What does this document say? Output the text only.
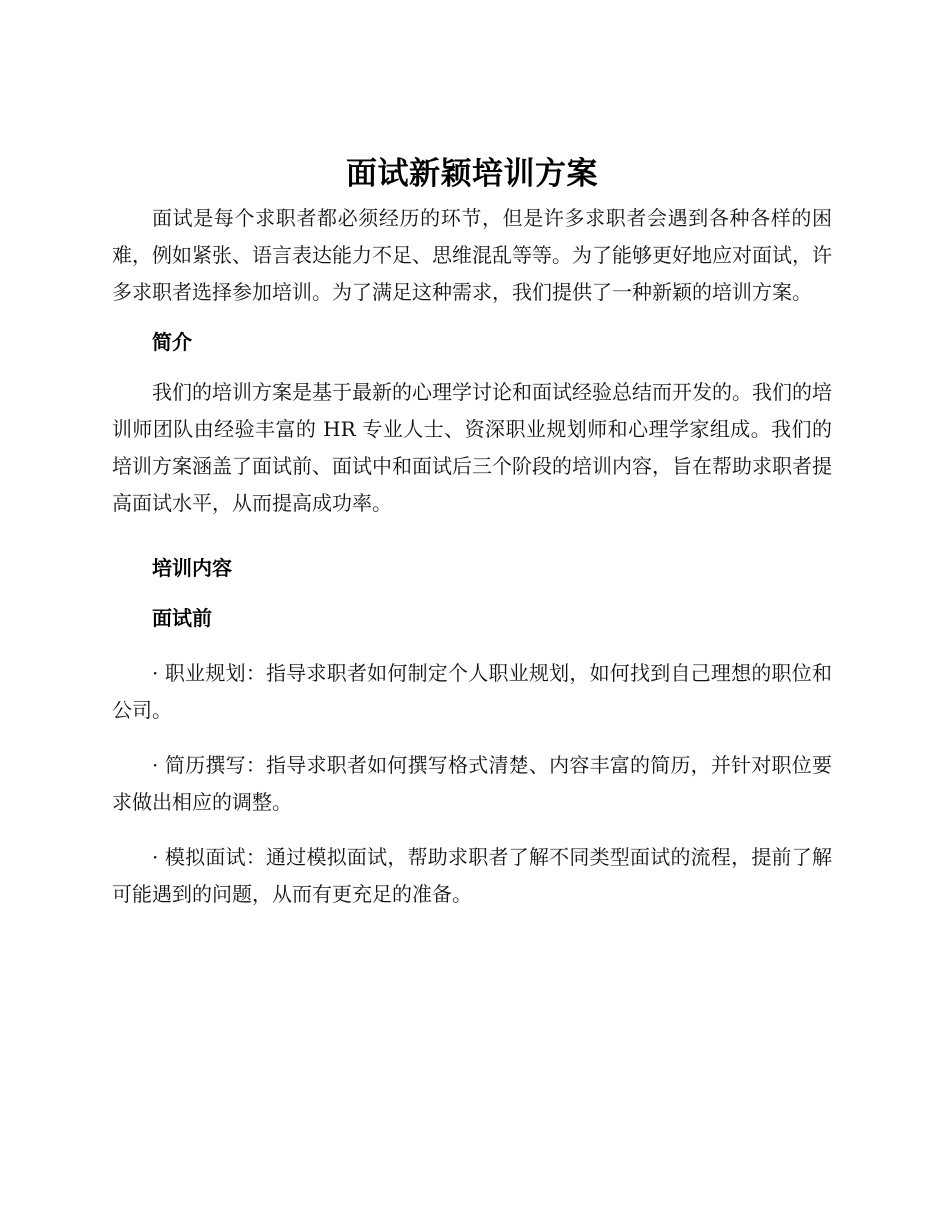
面试新颖培训方案

面试是每个求职者都必须经历的环节，但是许多求职者会遇到各种各样的困难，例如紧张、语言表达能力不足、思维混乱等等。为了能够更好地应对面试，许多求职者选择参加培训。为了满足这种需求，我们提供了一种新颖的培训方案。

简介

我们的培训方案是基于最新的心理学讨论和面试经验总结而开发的。我们的培训师团队由经验丰富的 HR 专业人士、资深职业规划师和心理学家组成。我们的培训方案涵盖了面试前、面试中和面试后三个阶段的培训内容，旨在帮助求职者提高面试水平，从而提高成功率。

培训内容
面试前

· 职业规划：指导求职者如何制定个人职业规划，如何找到自己理想的职位和公司。

· 简历撰写：指导求职者如何撰写格式清楚、内容丰富的简历，并针对职位要求做出相应的调整。

· 模拟面试：通过模拟面试，帮助求职者了解不同类型面试的流程，提前了解可能遇到的问题，从而有更充足的准备。
